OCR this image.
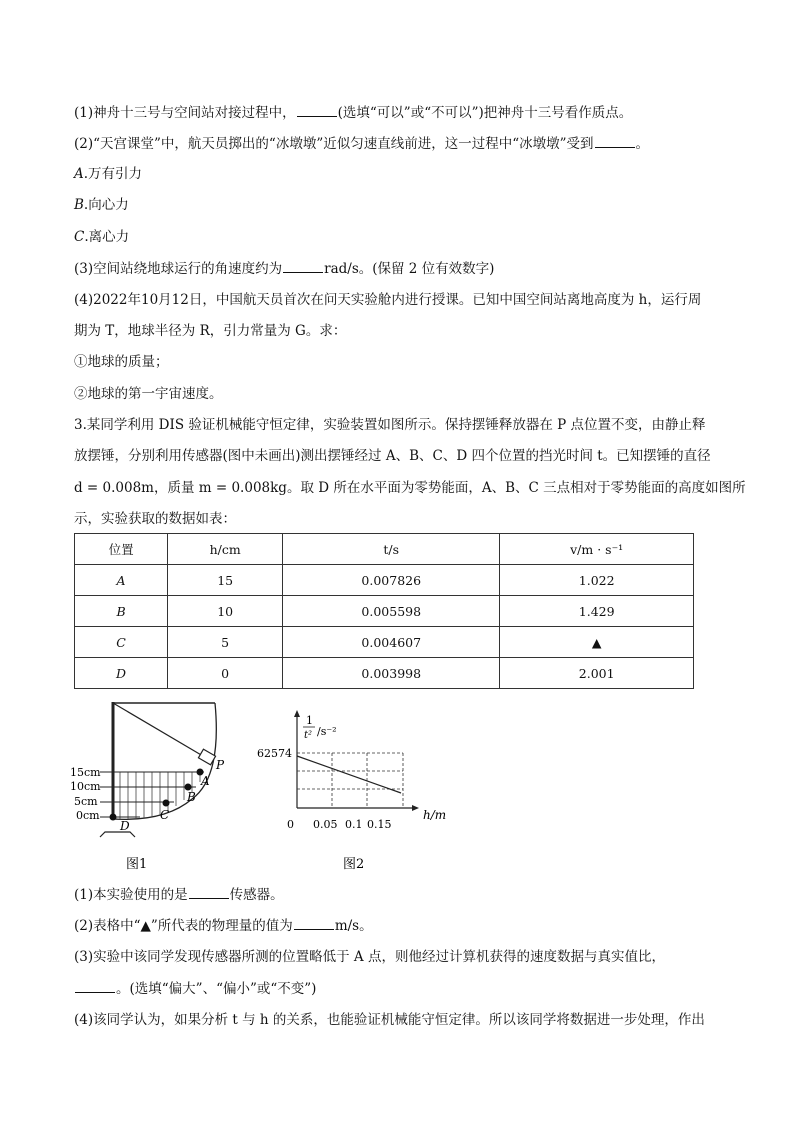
(1)神舟十三号与空间站对接过程中，	(选填“可以”或“不可以”)把神舟十三号看作质点。
(2)“天宫课堂”中，航天员掷出的“冰墩墩”近似匀速直线前进，这一过程中“冰墩墩”受到	。
A.万有引力
B.向心力
C.离心力
(3)空间站绕地球运行的角速度约为	rad/s。(保留 2 位有效数字)
(4)2022年10月12日，中国航天员首次在问天实验舱内进行授课。已知中国空间站离地高度为 h，运行周
期为 T，地球半径为 R，引力常量为 G。求：
①地球的质量；
②地球的第一宇宙速度。
3.某同学利用 DIS 验证机械能守恒定律，实验装置如图所示。保持摆锤释放器在 P 点位置不变，由静止释
放摆锤，分别利用传感器(图中未画出)测出摆锤经过 A、B、C、D 四个位置的挡光时间 t。已知摆锤的直径
d = 0.008m，质量 m = 0.008kg。取 D 所在水平面为零势能面，A、B、C 三点相对于零势能面的高度如图所
示，实验获取的数据如表：
位置	h/cm	t/s	v/m · s⁻¹
A	15	0.007826	1.022
B	10	0.005598	1.429
C	5	0.004607	▲
D	0	0.003998	2.001
15cm
10cm
5cm
0cm
A
B
C
D
P
图1
1
t² /s⁻²
62574
h/m
0 0.05 0.1 0.15
图2
(1)本实验使用的是	传感器。
(2)表格中“▲”所代表的物理量的值为	m/s。
(3)实验中该同学发现传感器所测的位置略低于 A 点，则他经过计算机获得的速度数据与真实值比，
。(选填“偏大”、“偏小”或“不变”)
(4)该同学认为，如果分析 t 与 h 的关系，也能验证机械能守恒定律。所以该同学将数据进一步处理，作出
